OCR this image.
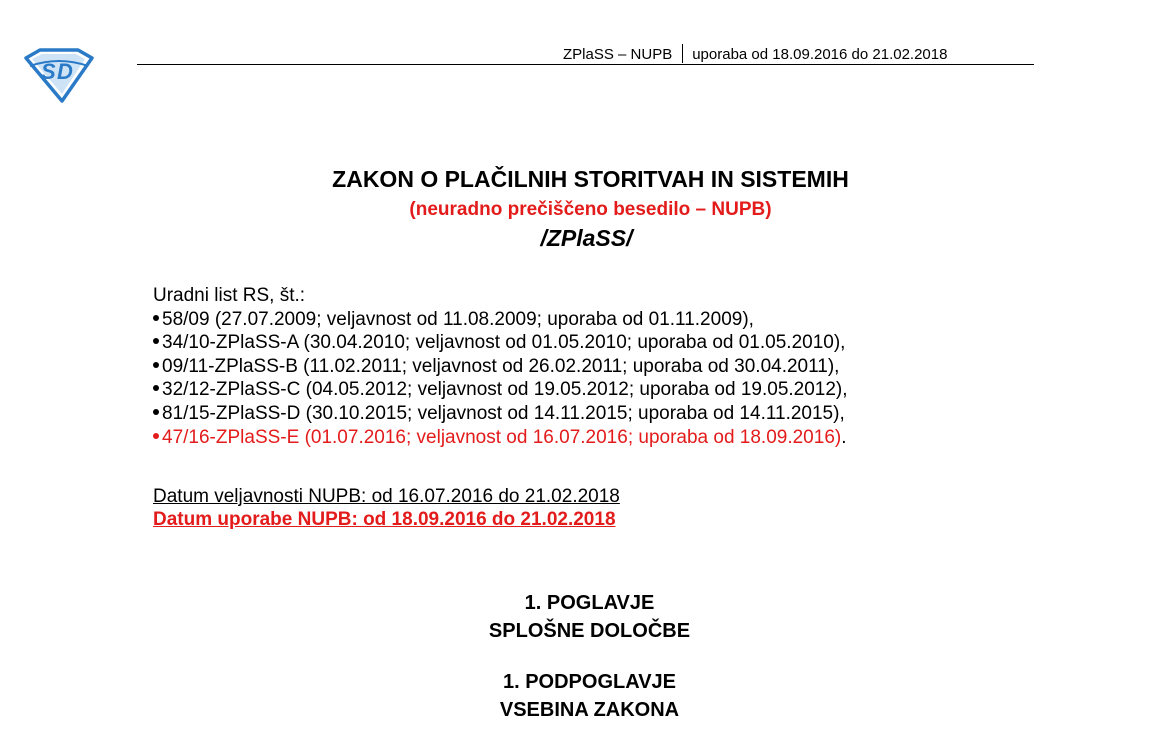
S D
ZPlaSS – NUPB uporaba od 18.09.2016 do 21.02.2018
ZAKON O PLAČILNIH STORITVAH IN SISTEMIH
(neuradno prečiščeno besedilo – NUPB)
/ZPlaSS/
Uradni list RS, št.:
58/09 (27.07.2009; veljavnost od 11.08.2009; uporaba od 01.11.2009),
34/10-ZPlaSS-A (30.04.2010; veljavnost od 01.05.2010; uporaba od 01.05.2010),
09/11-ZPlaSS-B (11.02.2011; veljavnost od 26.02.2011; uporaba od 30.04.2011),
32/12-ZPlaSS-C (04.05.2012; veljavnost od 19.05.2012; uporaba od 19.05.2012),
81/15-ZPlaSS-D (30.10.2015; veljavnost od 14.11.2015; uporaba od 14.11.2015),
47/16-ZPlaSS-E (01.07.2016; veljavnost od 16.07.2016; uporaba od 18.09.2016).
Datum veljavnosti NUPB: od 16.07.2016 do 21.02.2018
Datum uporabe NUPB: od 18.09.2016 do 21.02.2018
1. POGLAVJE
SPLOŠNE DOLOČBE
1. PODPOGLAVJE
VSEBINA ZAKONA
